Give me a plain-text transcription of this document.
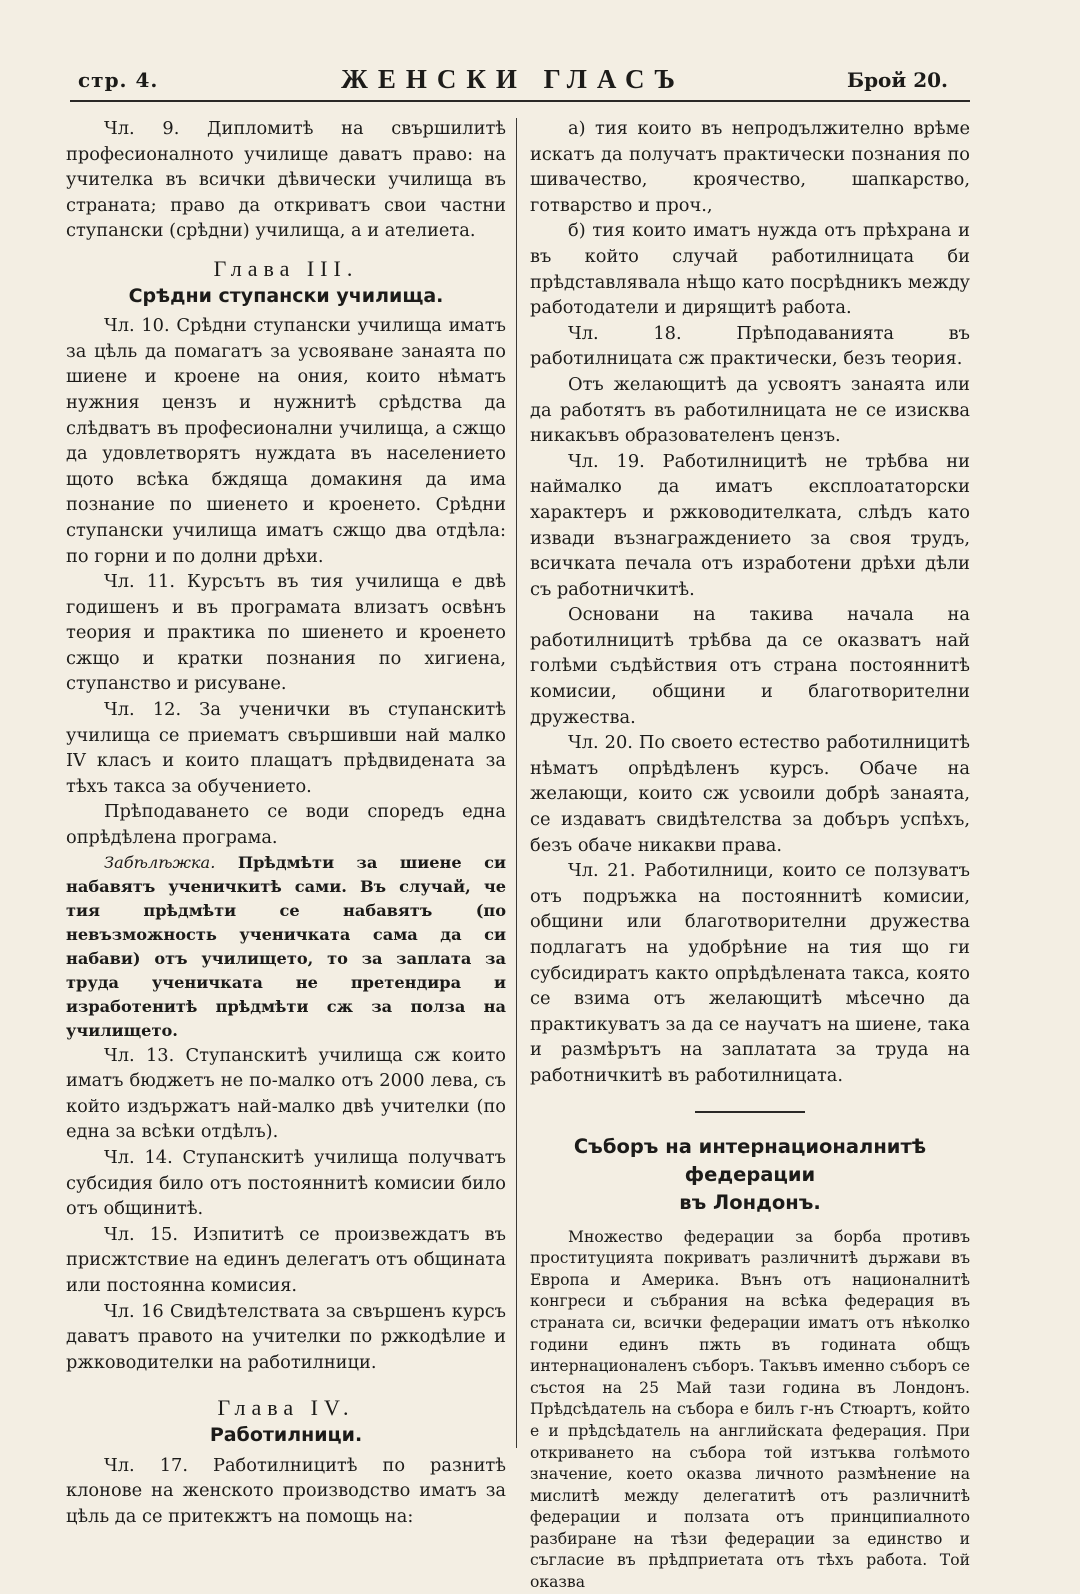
стр. 4.	ЖЕНСКИ ГЛАСЪ	Брой 20.

Чл. 9. Дипломитѣ на свършилитѣ професионалното училище даватъ право: на учителка въ всички дѣвически училища въ страната; право да откриватъ свои частни ступански (срѣдни) училища, а и ателиета.

Глава III.
Срѣдни ступански училища.

Чл. 10. Срѣдни ступански училища иматъ за цѣль да помагатъ за усвояване занаята по шиене и кроене на ония, които нѣматъ нужния цензъ и нужнитѣ срѣдства да слѣдватъ въ професионални училища, а сжщо да удовлетворятъ нуждата въ населението щото всѣка бждяща домакиня да има познание по шиенето и кроенето. Срѣдни ступански училища иматъ сжщо два отдѣла: по горни и по долни дрѣхи.

Чл. 11. Курсътъ въ тия училища е двѣ годишенъ и въ програмата влизатъ освѣнъ теория и практика по шиенето и кроенето сжщо и кратки познания по хигиена, ступанство и рисуване.

Чл. 12. За ученички въ ступанскитѣ училища се приематъ свършивши най малко IV класъ и които плащатъ прѣдвидената за тѣхъ такса за обучението.

Прѣподаването се води споредъ една опрѣдѣлена програма.

Забѣлѣжка. Прѣдмѣти за шиене си набавятъ ученичкитѣ сами. Въ случай, че тия прѣдмѣти се набавятъ (по невъзможность ученичката сама да си набави) отъ училището, то за заплата за труда ученичката не претендира и изработенитѣ прѣдмѣти сж за полза на училището.

Чл. 13. Ступанскитѣ училища сж които иматъ бюджетъ не по-малко отъ 2000 лева, съ който издържатъ най-малко двѣ учителки (по една за всѣки отдѣлъ).

Чл. 14. Ступанскитѣ училища получватъ субсидия било отъ постояннитѣ комисии било отъ общинитѣ.

Чл. 15. Изпититѣ се произвеждатъ въ присжтствие на единъ делегатъ отъ общината или постоянна комисия.

Чл. 16 Свидѣтелствата за свършенъ курсъ даватъ правото на учителки по ржкодѣлие и ржководителки на работилници.

Глава IV.
Работилници.

Чл. 17. Работилницитѣ по разнитѣ клонове на женското производство иматъ за цѣль да се притекжтъ на помощь на:

а) тия които въ непродължително врѣме искатъ да получатъ практически познания по шивачество, кроячество, шапкарство, готварство и проч.,

б) тия които иматъ нужда отъ прѣхрана и въ който случай работилницата би прѣдставлявала нѣщо като посрѣдникъ между работодатели и дирящитѣ работа.

Чл. 18. Прѣподаванията въ работилницата сж практически, безъ теория.

Отъ желающитѣ да усвоятъ занаята или да работятъ въ работилницата не се изисква никакъвъ образователенъ цензъ.

Чл. 19. Работилницитѣ не трѣбва ни наймалко да иматъ експлоататорски характеръ и ржководителката, слѣдъ като извади възнаграждението за своя трудъ, всичката печала отъ изработени дрѣхи дѣли съ работничкитѣ.

Основани на такива начала на работилницитѣ трѣбва да се оказватъ най голѣми съдѣйствия отъ страна постояннитѣ комисии, общини и благотворителни дружества.

Чл. 20. По своето естество работилницитѣ нѣматъ опрѣдѣленъ курсъ. Обаче на желающи, които сж усвоили добрѣ занаята, се издаватъ свидѣтелства за добъръ успѣхъ, безъ обаче никакви права.

Чл. 21. Работилници, които се ползуватъ отъ подръжка на постояннитѣ комисии, общини или благотворителни дружества подлагатъ на удобрѣние на тия що ги субсидиратъ както опрѣдѣлената такса, която се взима отъ желающитѣ мѣсечно да практикуватъ за да се научатъ на шиене, така и размѣрътъ на заплатата за труда на работничкитѣ въ работилницата.

Съборъ на интернационалнитѣ федерации
въ Лондонъ.

Множество федерации за борба противъ проституцията покриватъ различнитѣ държави въ Европа и Америка. Вънъ отъ националнитѣ конгреси и събрания на всѣка федерация въ страната си, всички федерации иматъ отъ нѣколко години единъ пжть въ годината общъ интернационаленъ съборъ. Такъвъ именно съборъ се състоя на 25 Май тази година въ Лондонъ. Прѣдсѣдатель на събора е билъ г-нъ Стюартъ, който е и прѣдсѣдатель на английската федерация. При откриването на събора той изтъква голѣмото значение, което оказва личното размѣнение на мислитѣ между делегатитѣ отъ различнитѣ федерации и ползата отъ принципиалното разбиране на тѣзи федерации за единство и съгласие въ прѣдприетата отъ тѣхъ работа. Той оказва
